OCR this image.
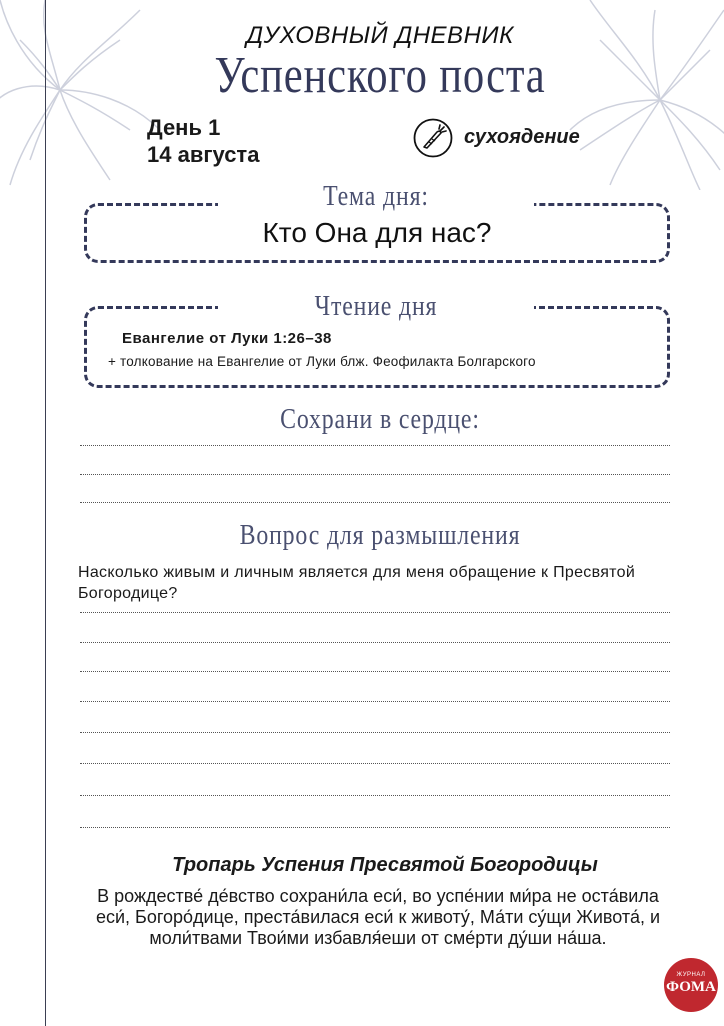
ДУХОВНЫЙ ДНЕВНИК
Успенского поста
День 1
14 августа
сухоядение
Тема дня:
Кто Она для нас?
Чтение дня
Евангелие от Луки 1:26–38
+ толкование на Евангелие от Луки блж. Феофилакта Болгарского
Сохрани в сердце:
Вопрос для размышления
Насколько живым и личным является для меня обращение к Пресвятой Богородице?
Тропарь Успения Пресвятой Богородицы
В рождестве́ де́вство сохрани́ла еси́, во успе́нии ми́ра не оста́вила еси́, Богоро́дице, преста́вилася еси́ к животу́, Ма́ти су́щи Живота́, и моли́твами Твои́ми избавля́еши от сме́рти ду́ши на́ша.
ЖУРНАЛ
ФОМА
